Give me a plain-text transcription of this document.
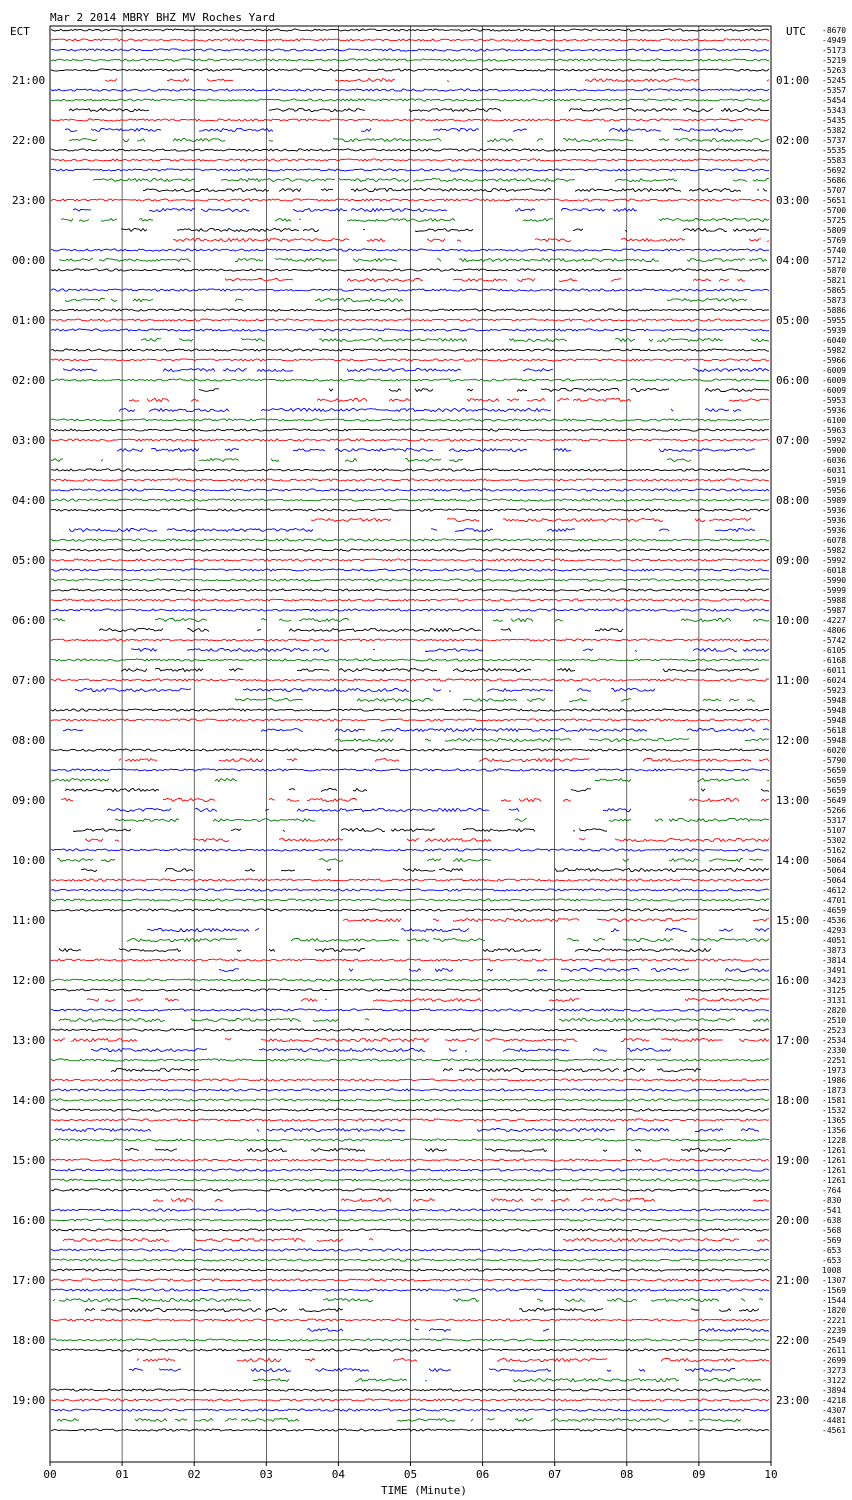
Mar 2 2014 MBRY BHZ MV Roches Yard
ECT	UTC
21:00
22:00
23:00
00:00
01:00
02:00
03:00
04:00
05:00
06:00
07:00
08:00
09:00
10:00
11:00
12:00
13:00
14:00
15:00
16:00
17:00
18:00
19:00
01:00
02:00
03:00
04:00
05:00
06:00
07:00
08:00
09:00
10:00
11:00
12:00
13:00
14:00
15:00
16:00
17:00
18:00
19:00
20:00
21:00
22:00
23:00
-8670
-4949
-5173
-5219
-5263
-5245
-5357
-5454
-5343
-5435
-5382
-5737
-5535
-5583
-5692
-5686
-5707
-5651
-5700
-5725
-5809
-5769
-5740
-5712
-5870
-5821
-5865
-5873
-5886
-5955
-5939
-6040
-5982
-5966
-6009
-6009
-6009
-5953
-5936
-6100
-5963
-5992
-5900
-6036
-6031
-5919
-5956
-5989
-5936
-5936
-5936
-6078
-5982
-5992
-6018
-5990
-5999
-5988
-5987
-4227
-4806
-5742
-6105
-6168
-6011
-6024
-5923
-5948
-5948
-5948
-5618
-5948
-6020
-5790
-5659
-5659
-5659
-5649
-5266
-5317
-5107
-5302
-5162
-5064
-5064
-5064
-4612
-4701
-4659
-4536
-4293
-4051
-3873
-3814
-3491
-3423
-3125
-3131
-2820
-2510
-2523
-2534
-2330
-2251
-1973
-1986
-1873
-1581
-1532
-1365
-1356
-1228
-1261
-1261
-1261
-1261
-764
-830
-541
-638
-568
-569
-653
-653
1008
-1307
-1569
-1544
-1820
-2221
-2239
-2549
-2611
-2699
-3273
-3122
-3894
-4218
-4307
-4481
-4561
00	01	02	03	04	05	06	07	08	09	10
TIME (Minute)
